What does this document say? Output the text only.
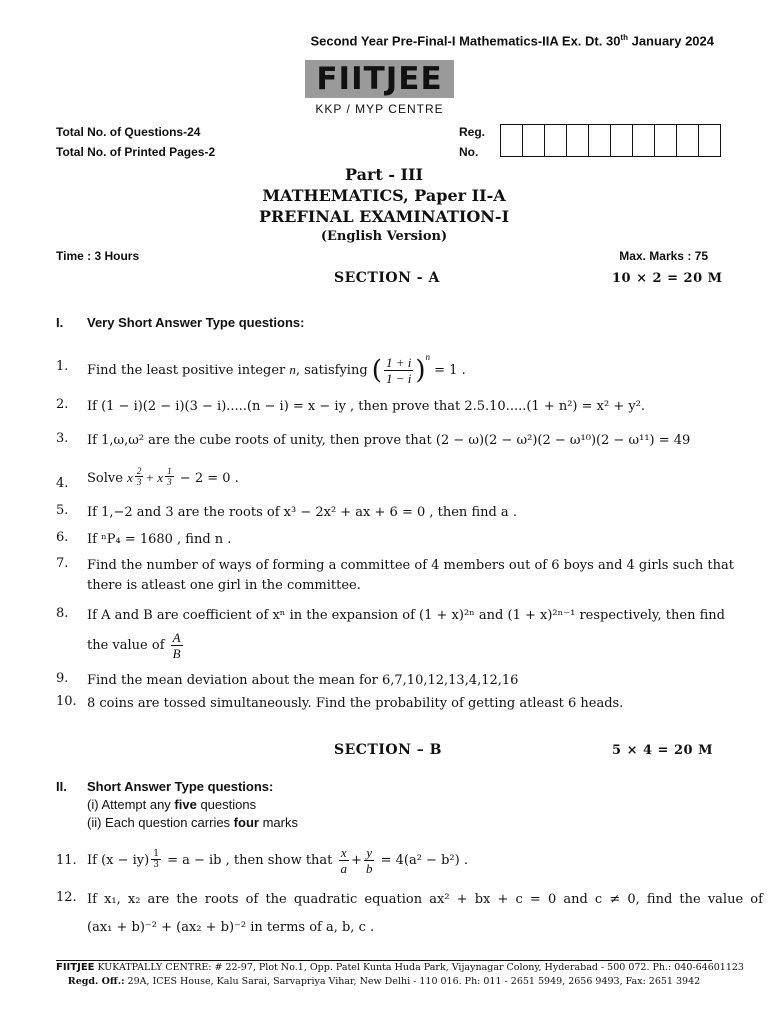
Second Year Pre-Final-I Mathematics-IIA Ex. Dt. 30th January 2024
FIITJEE
KKP / MYP CENTRE
Total No. of Questions-24
Total No. of Printed Pages-2
Reg.
No.
Part - III
MATHEMATICS, Paper II-A
PREFINAL EXAMINATION-I
(English Version)
Time : 3 Hours	Max. Marks : 75
SECTION - A	10 × 2 = 20 M
I. Very Short Answer Type questions:
1. Find the least positive integer n, satisfying ( $\frac{1 + i}{1 - i} )^n = 1$ .
2. If (1 − i)(2 − i)(3 − i).....(n − i) = x − iy , then prove that 2.5.10.....(1 + n²) = x² + y².
3. If 1,ω,ω² are the cube roots of unity, then prove that (2 − ω)(2 − ω²)(2 − ω¹⁰)(2 − ω¹¹) = 49
4. Solve x $\frac{2}{3} + x \frac{1}{3} - 2 = 0$ .
5. If 1,−2 and 3 are the roots of x³ − 2x² + ax + 6 = 0 , then find a .
6. If ⁿP₄ = 1680 , find n .
7. Find the number of ways of forming a committee of 4 members out of 6 boys and 4 girls such that
there is atleast one girl in the committee.
8. If A and B are coefficient of xⁿ in the expansion of (1 + x)²ⁿ and (1 + x)²ⁿ⁻¹ respectively, then find
the value of $\frac{A}{B}$
9. Find the mean deviation about the mean for 6,7,10,12,13,4,12,16
10. 8 coins are tossed simultaneously. Find the probability of getting atleast 6 heads.
SECTION – B	5 × 4 = 20 M
II. Short Answer Type questions:
(i) Attempt any five questions
(ii) Each question carries four marks
11. If $(x - iy) \frac{1}{3} = a$ − ib , then show that $\frac{x}{a} + \frac{y}{b} = 4(a^2 - b^2)$ .
12. If x₁, x₂ are the roots of the quadratic equation ax² + bx + c = 0 and c ≠ 0, find the value of
(ax₁ + b)⁻² + (ax₂ + b)⁻² in terms of a, b, c .
FIITJEE KUKATPALLY CENTRE: # 22-97, Plot No.1, Opp. Patel Kunta Huda Park, Vijaynagar Colony, Hyderabad - 500 072. Ph.: 040-64601123
Regd. Off.: 29A, ICES House, Kalu Sarai, Sarvapriya Vihar, New Delhi - 110 016. Ph: 011 - 2651 5949, 2656 9493, Fax: 2651 3942
